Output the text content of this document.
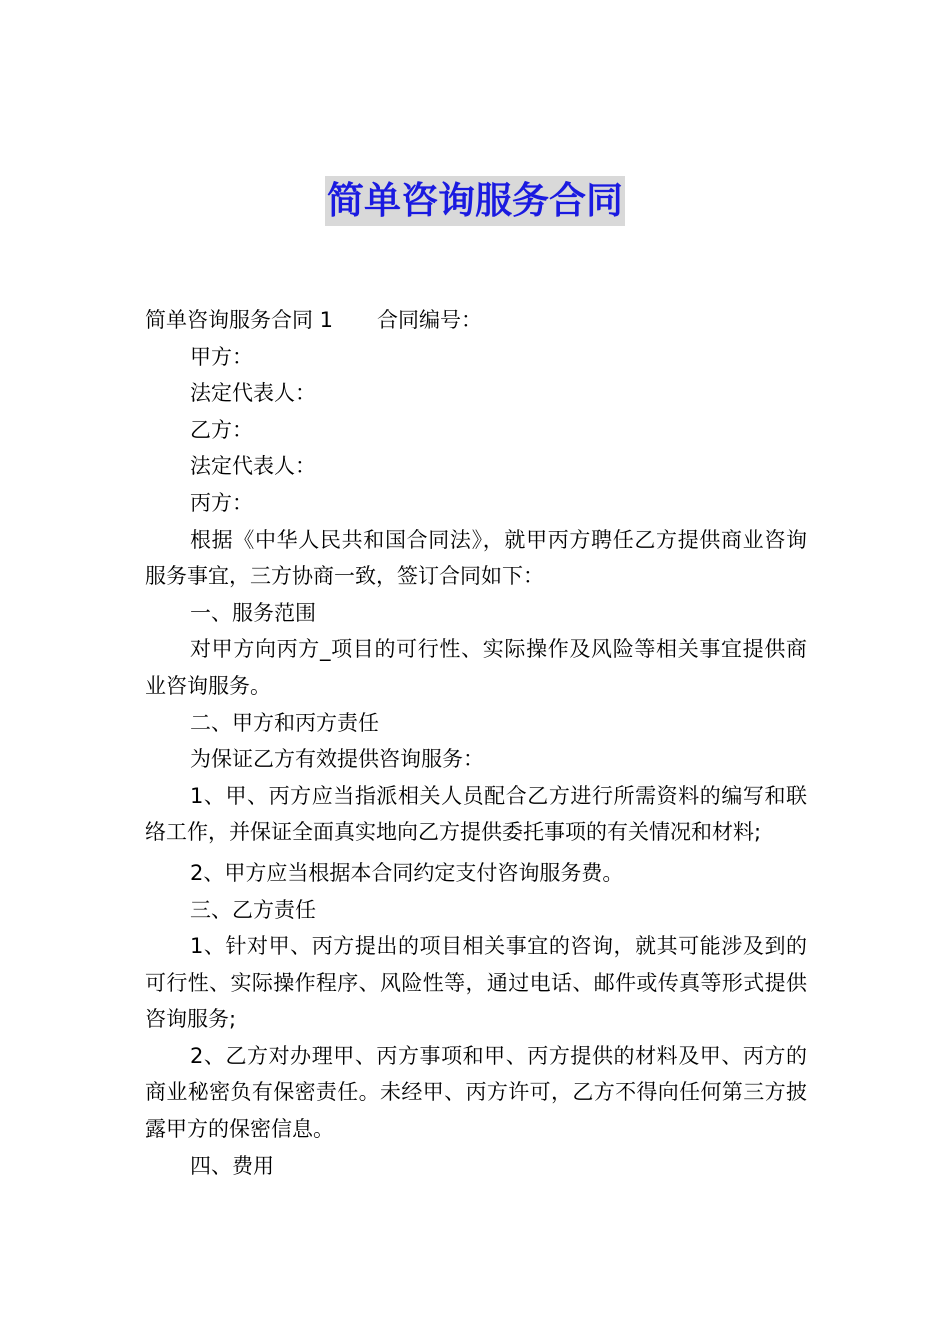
简单咨询服务合同

简单咨询服务合同 1 合同编号：

甲方：

法定代表人：

乙方：

法定代表人：

丙方：

根据《中华人民共和国合同法》，就甲丙方聘任乙方提供商业咨询服务事宜，三方协商一致，签订合同如下：

一、服务范围

对甲方向丙方_项目的可行性、实际操作及风险等相关事宜提供商业咨询服务。

二、甲方和丙方责任

为保证乙方有效提供咨询服务：

1、甲、丙方应当指派相关人员配合乙方进行所需资料的编写和联络工作，并保证全面真实地向乙方提供委托事项的有关情况和材料;

2、甲方应当根据本合同约定支付咨询服务费。

三、乙方责任

1、针对甲、丙方提出的项目相关事宜的咨询，就其可能涉及到的可行性、实际操作程序、风险性等，通过电话、邮件或传真等形式提供咨询服务;

2、乙方对办理甲、丙方事项和甲、丙方提供的材料及甲、丙方的商业秘密负有保密责任。未经甲、丙方许可，乙方不得向任何第三方披露甲方的保密信息。

四、费用
